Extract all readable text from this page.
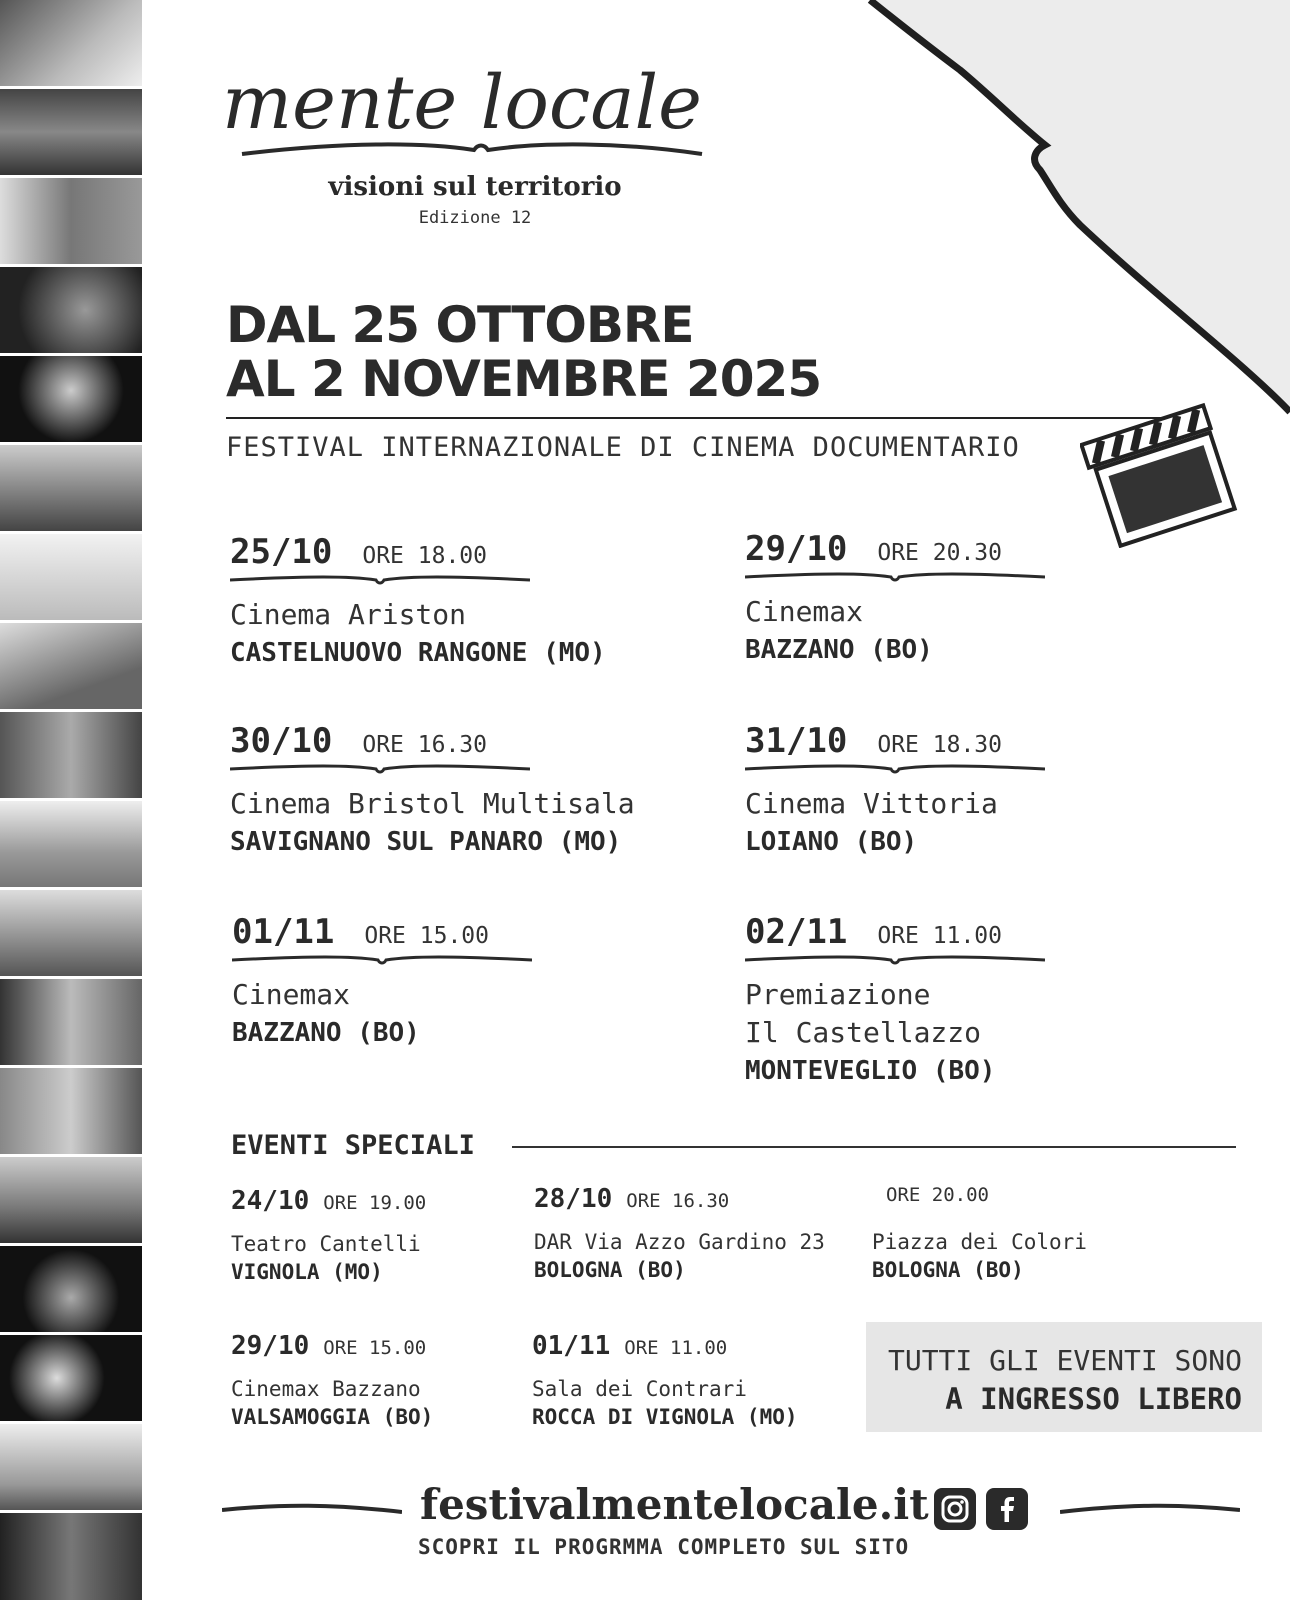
mente locale
visioni sul territorio
Edizione 12
DAL 25 OTTOBRE
AL 2 NOVEMBRE 2025
FESTIVAL INTERNAZIONALE DI CINEMA DOCUMENTARIO
25/10 ORE 18.00
Cinema Ariston
CASTELNUOVO RANGONE (MO)
29/10 ORE 20.30
Cinemax
BAZZANO (BO)
30/10 ORE 16.30
Cinema Bristol Multisala
SAVIGNANO SUL PANARO (MO)
31/10 ORE 18.30
Cinema Vittoria
LOIANO (BO)
01/11 ORE 15.00
Cinemax
BAZZANO (BO)
02/11 ORE 11.00
Premiazione
Il Castellazzo
MONTEVEGLIO (BO)
EVENTI SPECIALI
24/10 ORE 19.00
Teatro Cantelli
VIGNOLA (MO)
28/10 ORE 16.30
DAR Via Azzo Gardino 23
BOLOGNA (BO)
ORE 20.00
Piazza dei Colori
BOLOGNA (BO)
29/10 ORE 15.00
Cinemax Bazzano
VALSAMOGGIA (BO)
01/11 ORE 11.00
Sala dei Contrari
ROCCA DI VIGNOLA (MO)
TUTTI GLI EVENTI SONO
A INGRESSO LIBERO
festivalmentelocale.it
SCOPRI IL PROGRMMA COMPLETO SUL SITO
